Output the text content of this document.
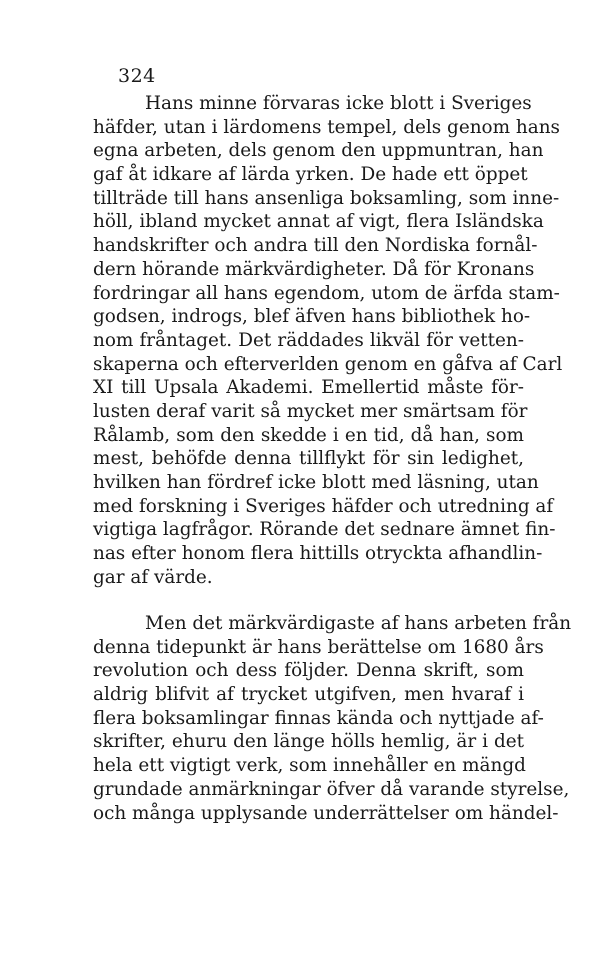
324
Hans minne förvaras icke blott i Sveriges
häfder, utan i lärdomens tempel, dels genom hans
egna arbeten, dels genom den uppmuntran, han
gaf åt idkare af lärda yrken. De hade ett öppet
tillträde till hans ansenliga boksamling, som inne-
höll, ibland mycket annat af vigt, flera Isländska
handskrifter och andra till den Nordiska fornål-
dern hörande märkvärdigheter. Då för Kronans
fordringar all hans egendom, utom de ärfda stam-
godsen, indrogs, blef äfven hans bibliothek ho-
nom fråntaget. Det räddades likväl för vetten-
skaperna och efterverlden genom en gåfva af Carl
XI till Upsala Akademi. Emellertid måste för-
lusten deraf varit så mycket mer smärtsam för
Rålamb, som den skedde i en tid, då han, som
mest, behöfde denna tillflykt för sin ledighet,
hvilken han fördref icke blott med läsning, utan
med forskning i Sveriges häfder och utredning af
vigtiga lagfrågor. Rörande det sednare ämnet fin-
nas efter honom flera hittills otryckta afhandlin-
gar af värde.
Men det märkvärdigaste af hans arbeten från
denna tidepunkt är hans berättelse om 1680 års
revolution och dess följder. Denna skrift, som
aldrig blifvit af trycket utgifven, men hvaraf i
flera boksamlingar finnas kända och nyttjade af-
skrifter, ehuru den länge hölls hemlig, är i det
hela ett vigtigt verk, som innehåller en mängd
grundade anmärkningar öfver då varande styrelse,
och många upplysande underrättelser om händel-
